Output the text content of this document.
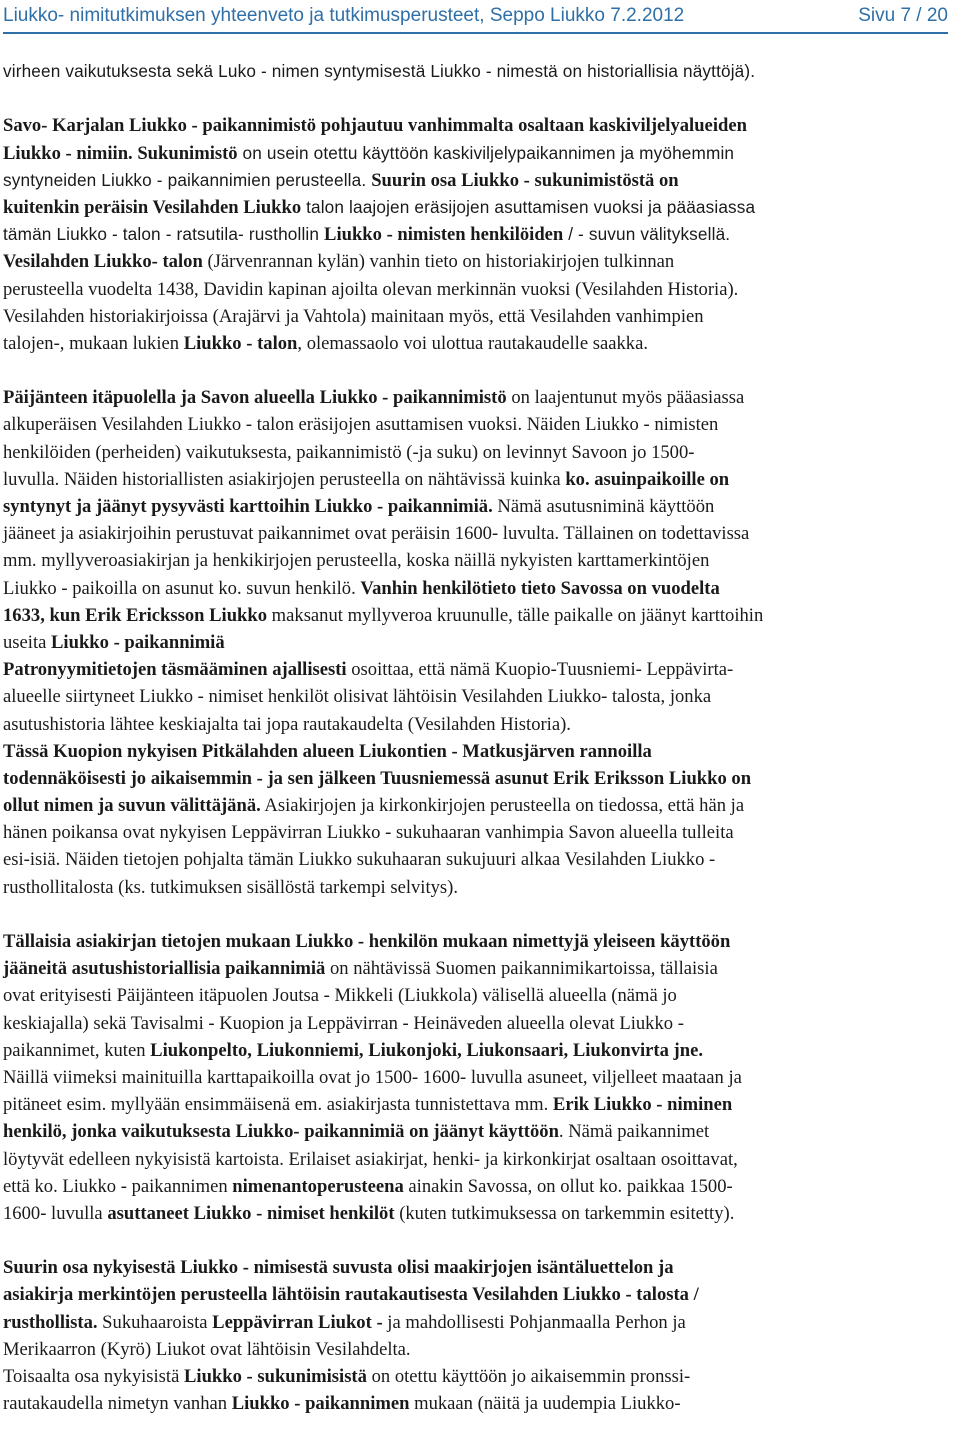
Liukko- nimitutkimuksen yhteenveto ja tutkimusperusteet, Seppo Liukko 7.2.2012	Sivu 7 / 20
virheen vaikutuksesta sekä Luko - nimen syntymisestä Liukko - nimestä on historiallisia näyttöjä).
Savo- Karjalan Liukko - paikannimistö pohjautuu vanhimmalta osaltaan kaskiviljelyalueiden
Liukko - nimiin. Sukunimistö on usein otettu käyttöön kaskiviljelypaikannimen ja myöhemmin
syntyneiden Liukko - paikannimien perusteella. Suurin osa Liukko - sukunimistöstä on
kuitenkin peräisin Vesilahden Liukko talon laajojen eräsijojen asuttamisen vuoksi ja pääasiassa
tämän Liukko - talon - ratsutila- rusthollin Liukko - nimisten henkilöiden / - suvun välityksellä.
Vesilahden Liukko- talon (Järvenrannan kylän) vanhin tieto on historiakirjojen tulkinnan
perusteella vuodelta 1438, Davidin kapinan ajoilta olevan merkinnän vuoksi (Vesilahden Historia).
Vesilahden historiakirjoissa (Arajärvi ja Vahtola) mainitaan myös, että Vesilahden vanhimpien
talojen-, mukaan lukien Liukko - talon, olemassaolo voi ulottua rautakaudelle saakka.
Päijänteen itäpuolella ja Savon alueella Liukko - paikannimistö on laajentunut myös pääasiassa
alkuperäisen Vesilahden Liukko - talon eräsijojen asuttamisen vuoksi. Näiden Liukko - nimisten
henkilöiden (perheiden) vaikutuksesta, paikannimistö (-ja suku) on levinnyt Savoon jo 1500-
luvulla. Näiden historiallisten asiakirjojen perusteella on nähtävissä kuinka ko. asuinpaikoille on
syntynyt ja jäänyt pysyvästi karttoihin Liukko - paikannimiä. Nämä asutusniminä käyttöön
jääneet ja asiakirjoihin perustuvat paikannimet ovat peräisin 1600- luvulta. Tällainen on todettavissa
mm. myllyveroasiakirjan ja henkikirjojen perusteella, koska näillä nykyisten karttamerkintöjen
Liukko - paikoilla on asunut ko. suvun henkilö. Vanhin henkilötieto tieto Savossa on vuodelta
1633, kun Erik Ericksson Liukko maksanut myllyveroa kruunulle, tälle paikalle on jäänyt karttoihin
useita Liukko - paikannimiä
Patronyymitietojen täsmääminen ajallisesti osoittaa, että nämä Kuopio-Tuusniemi- Leppävirta-
alueelle siirtyneet Liukko - nimiset henkilöt olisivat lähtöisin Vesilahden Liukko- talosta, jonka
asutushistoria lähtee keskiajalta tai jopa rautakaudelta (Vesilahden Historia).
Tässä Kuopion nykyisen Pitkälahden alueen Liukontien - Matkusjärven rannoilla
todennäköisesti jo aikaisemmin - ja sen jälkeen Tuusniemessä asunut Erik Eriksson Liukko on
ollut nimen ja suvun välittäjänä. Asiakirjojen ja kirkonkirjojen perusteella on tiedossa, että hän ja
hänen poikansa ovat nykyisen Leppävirran Liukko - sukuhaaran vanhimpia Savon alueella tulleita
esi-isiä. Näiden tietojen pohjalta tämän Liukko sukuhaaran sukujuuri alkaa Vesilahden Liukko -
rusthollitalosta (ks. tutkimuksen sisällöstä tarkempi selvitys).
Tällaisia asiakirjan tietojen mukaan Liukko - henkilön mukaan nimettyjä yleiseen käyttöön
jääneitä asutushistoriallisia paikannimiä on nähtävissä Suomen paikannimikartoissa, tällaisia
ovat erityisesti Päijänteen itäpuolen Joutsa - Mikkeli (Liukkola) välisellä alueella (nämä jo
keskiajalla) sekä Tavisalmi - Kuopion ja Leppävirran - Heinäveden alueella olevat Liukko -
paikannimet, kuten Liukonpelto, Liukonniemi, Liukonjoki, Liukonsaari, Liukonvirta jne.
Näillä viimeksi mainituilla karttapaikoilla ovat jo 1500- 1600- luvulla asuneet, viljelleet maataan ja
pitäneet esim. myllyään ensimmäisenä em. asiakirjasta tunnistettava mm. Erik Liukko - niminen
henkilö, jonka vaikutuksesta Liukko- paikannimiä on jäänyt käyttöön. Nämä paikannimet
löytyvät edelleen nykyisistä kartoista. Erilaiset asiakirjat, henki- ja kirkonkirjat osaltaan osoittavat,
että ko. Liukko - paikannimen nimenantoperusteena ainakin Savossa, on ollut ko. paikkaa 1500-
1600- luvulla asuttaneet Liukko - nimiset henkilöt (kuten tutkimuksessa on tarkemmin esitetty).
Suurin osa nykyisestä Liukko - nimisestä suvusta olisi maakirjojen isäntäluettelon ja
asiakirja merkintöjen perusteella lähtöisin rautakautisesta Vesilahden Liukko - talosta /
rusthollista. Sukuhaaroista Leppävirran Liukot - ja mahdollisesti Pohjanmaalla Perhon ja
Merikaarron (Kyrö) Liukot ovat lähtöisin Vesilahdelta.
Toisaalta osa nykyisistä Liukko - sukunimisistä on otettu käyttöön jo aikaisemmin pronssi-
rautakaudella nimetyn vanhan Liukko - paikannimen mukaan (näitä ja uudempia Liukko-
